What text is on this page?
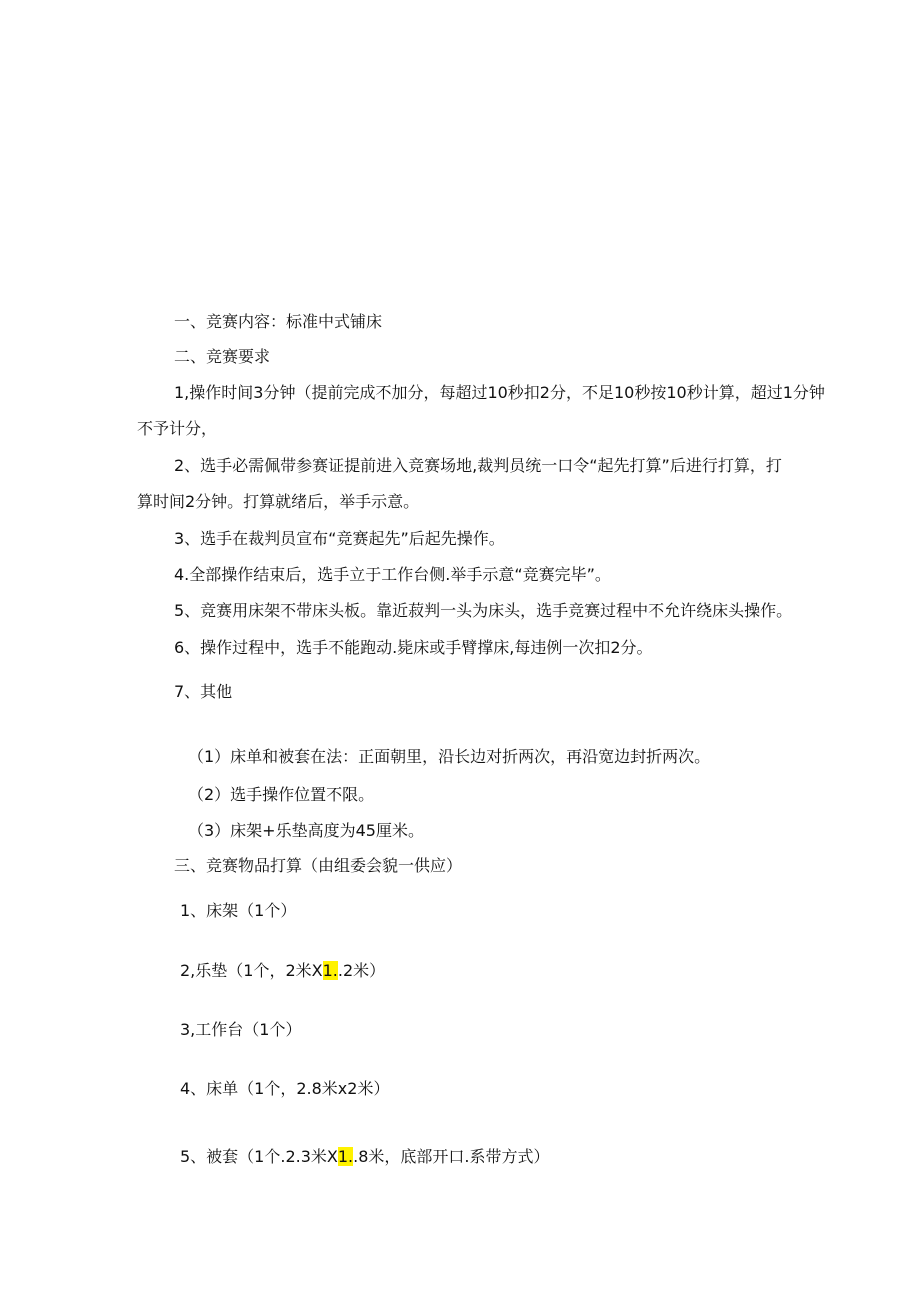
一、竞赛内容：标准中式铺床
二、竞赛要求
1,操作时间3分钟（提前完成不加分，每超过10秒扣2分，不足10秒按10秒计算，超过1分钟
不予计分，
2、选手必需佩带参赛证提前进入竞赛场地,裁判员统一口令“起先打算”后进行打算，打
算时间2分钟。打算就绪后，举手示意。
3、选手在裁判员宣布“竞赛起先”后起先操作。
4.全部操作结束后，选手立于工作台侧.举手示意“竞赛完毕”。
5、竞赛用床架不带床头板。靠近菽判一头为床头，选手竞赛过程中不允许绕床头操作。
6、操作过程中，选手不能跑动.毙床或手臂撑床,每违例一次扣2分。
7、其他
（1）床单和被套在法：正面朝里，沿长边对折两次，再沿宽边封折两次。
（2）选手操作位置不限。
（3）床架+乐垫高度为45厘米。
三、竞赛物品打算（由组委会貌一供应）
1、床架（1个）
2,乐垫（1个，2米X1..2米）
3,工作台（1个）
4、床单（1个，2.8米x2米）
5、被套（1个.2.3米X1..8米，底部开口.系带方式）
